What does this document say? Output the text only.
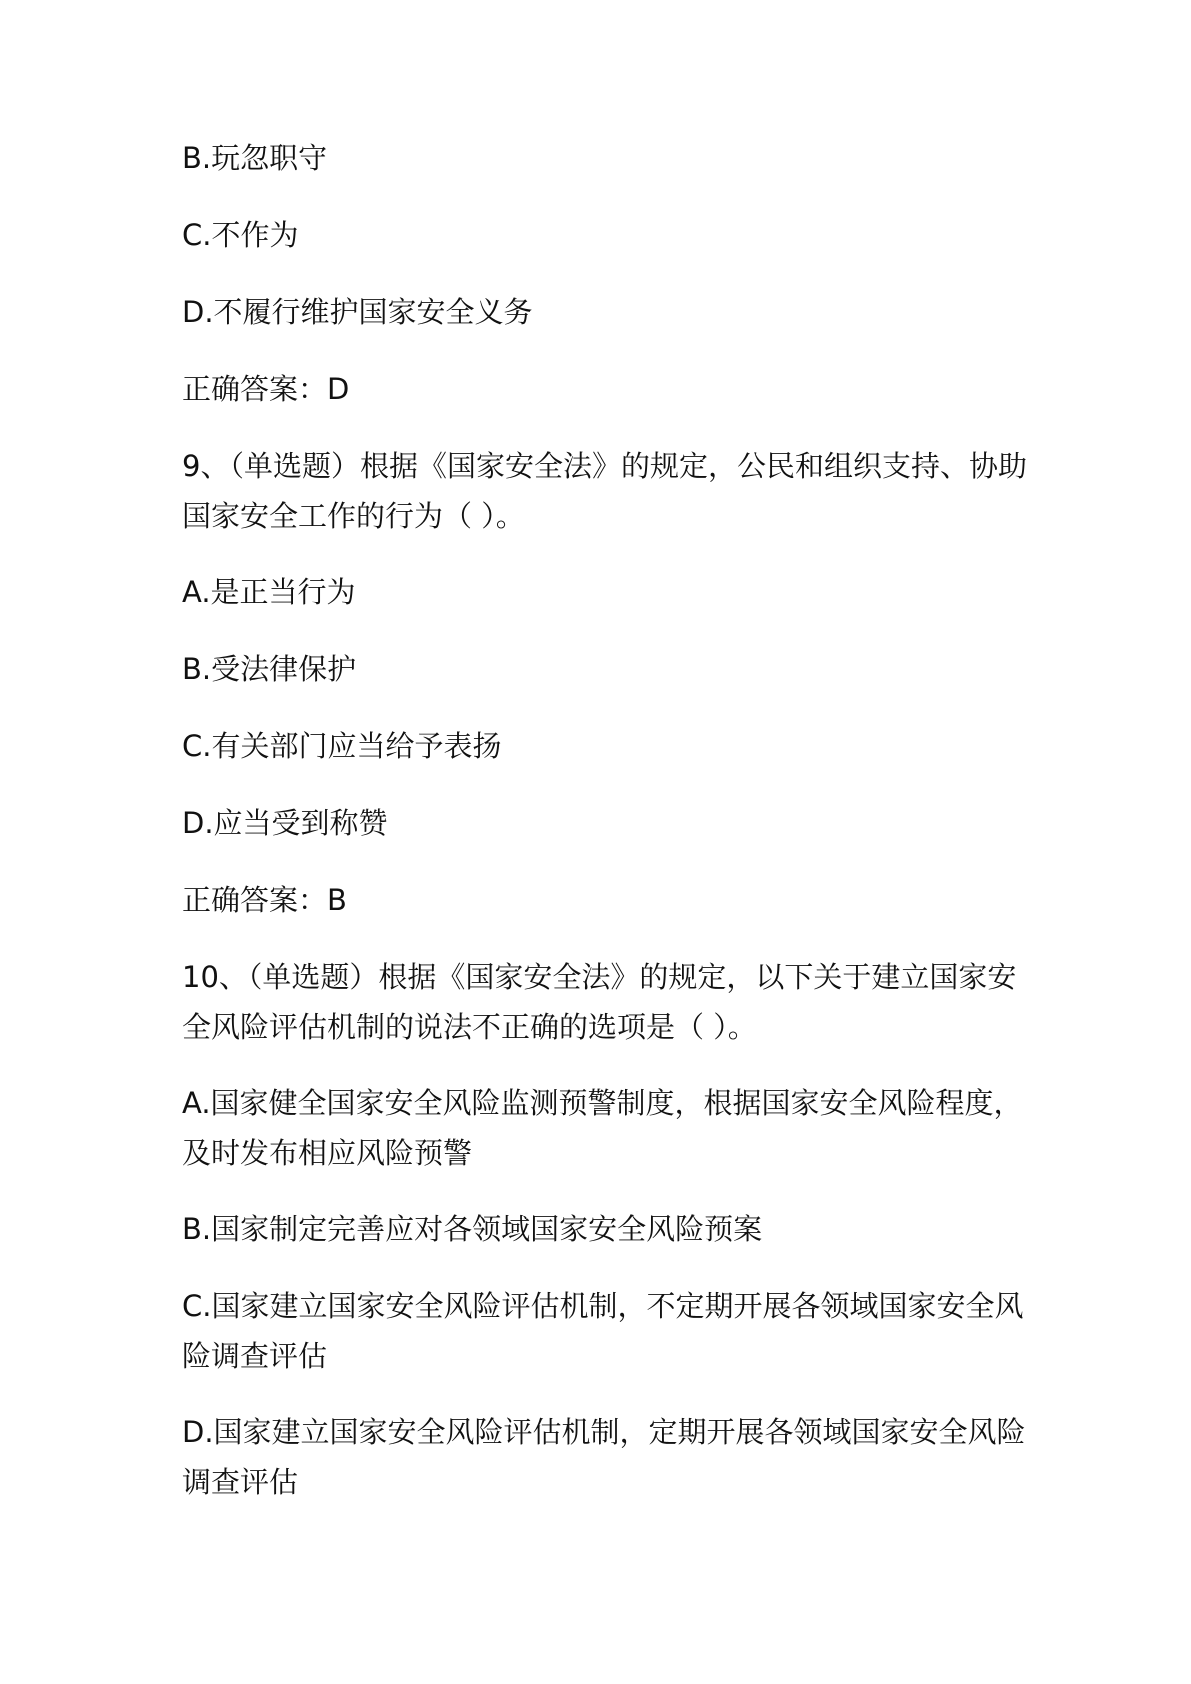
B.玩忽职守
C.不作为
D.不履行维护国家安全义务
正确答案：D
9、（单选题）根据《国家安全法》的规定，公民和组织支持、协助
国家安全工作的行为（ ）。
A.是正当行为
B.受法律保护
C.有关部门应当给予表扬
D.应当受到称赞
正确答案：B
10、（单选题）根据《国家安全法》的规定，以下关于建立国家安
全风险评估机制的说法不正确的选项是（ ）。
A.国家健全国家安全风险监测预警制度，根据国家安全风险程度，
及时发布相应风险预警
B.国家制定完善应对各领域国家安全风险预案
C.国家建立国家安全风险评估机制，不定期开展各领域国家安全风
险调查评估
D.国家建立国家安全风险评估机制，定期开展各领域国家安全风险
调查评估
